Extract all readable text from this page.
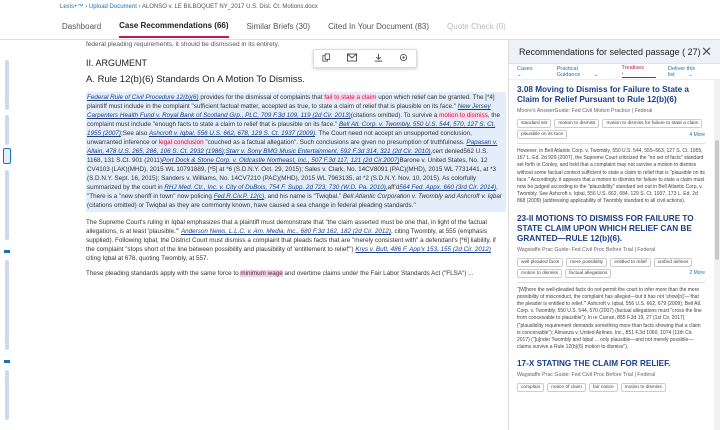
Lexis+™ › Upload Document › ALONSO v. LE BILBOQUET NY_2017 U.S. Dist. Ct. Motions.docx
Dashboard Case Recommendations (66) Similar Briefs (30) Cited In Your Document (83) Quote Check (0)
federal pleading requirements, it should be dismissed in its entirety.
II. ARGUMENT
A. Rule 12(b)(6) Standards On A Motion To Dismiss.
Federal Rule of Civil Procedure 12(b)(6) provides for the dismissal of complaints that fail to state a claim upon which relief can be granted. The [*4] plaintiff must include in the complaint "sufficient factual matter, accepted as true, to state a claim of relief that is plausible on its face." New Jersey Carpenters Health Fund v. Royal Bank of Scotland Grp., PLC, 709 F.3d 109, 119 (2d Cir. 2013)(citations omitted). To survive a motion to dismiss, the complaint must include "enough facts to state a claim to relief that is plausible on its face." Bell Atl. Corp. v. Twombly, 550 U.S. 544, 570, 127 S. Ct. 1955 (2007);See also Ashcroft v. Iqbal, 556 U.S. 662, 678, 129 S. Ct. 1937 (2009). The Court need not accept an unsupported conclusion, unwarranted inference or legal conclusion "couched as a factual allegation". Such conclusions are given no presumption of truthfulness. Papasan v. Allain, 478 U.S. 265, 286, 106 S. Ct. 2932 (1986);Starr v. Sony BMG Music Entertainment, 592 F.3d 314, 321 (2d Cir. 2010),cert denied562 U.S. 1168, 131 S.Ct. 901 (2011)Port Dock & Stone Corp. v. Oldcastle Northeast, Inc., 507 F.3d 117, 121 (2d Cir.2007)Barone v. United States, No. 12 CV4103 (LAK)(MHD), 2015 WL 10791889, [*5] at *6 (S.D.N.Y. Oct. 29, 2015); Sales v. Clark, No. 14CV8091 (PAC)(MHD), 2015 WL 7731441, at *3 (S.D.N.Y. Sept. 16, 2015); Sanders v. Williams, No. 14CV7210 (PAC)(MHD), 2015 WL 7963135, at *2 (S.D.N.Y. Nov. 10, 2015). As colorfully summarized by the court in RHJ Med. Ctr., Inc. v. City of DuBois, 754 F. Supp. 2d 723, 730 (W.D. Pa. 2010),aff'd564 Fed. Appx. 660 (3rd Cir. 2014), "There is a "new sheriff in town" now policing Fed.R.Civ.P. 12(c), and his name is "Twiqbal." Bell Atlantic Corporation v. Twombly and Ashcroft v. Iqbal (citations omitted) or Twiqbal as they are commonly known, have caused a sea change in federal pleading standards."
The Supreme Court's ruling in Iqbal emphasizes that a plaintiff must demonstrate that "the claim asserted must be one that, in light of the factual allegations, is at least 'plausible.'" Anderson News, L.L.C. v. Am. Media, Inc., 680 F.3d 162, 182 (2d Cir. 2012), citing Twombly, at 555 (emphasis supplied). Following Iqbal, the District Court must dismiss a complaint that pleads facts that are "merely consistent with" a defendant's [*6] liability, if the complaint "stops short of the line between possibility and plausibility of 'entitlement to relief'") Krys v. Butt, 486 F. App'x 153, 155 (2d Cir. 2012) citing Iqbal at 678, quoting Twombly, at 557.
These pleading standards apply with the same force to minimum wage and overtime claims under the Fair Labor Standards Act ("FLSA") ...
Recommendations for selected passage ( 27) ✕
Cases ⌄
Practical Guidance ⌄
Treatises ›
Deliver this list ⌄
3.08 Moving to Dismiss for Failure to State a Claim for Relief Pursuant to Rule 12(b)(6)
Moore's AnswerGuide: Fed Civil Motion Practice | Federal
standard set	motion to dismiss	motion to dismiss for failure to state a claim
plausible on its face	4 More
However, in Bell Atlantic Corp. v. Twombly, 550 U.S. 544, 555–563, 127 S. Ct. 1955, 167 L. Ed. 2d 929 (2007), the Supreme Court criticized the "no set of facts" standard set forth in Conley, and held that a complaint may not survive a motion to dismiss without some factual context sufficient to state a claim to relief that is "plausible on its face." Accordingly, it appears that a motion to dismiss for failure to state a claim must now be judged according to the "plausibility" standard set out in Bell Atlantic Corp. v. Twombly. See Ashcroft v. Iqbal, 556 U.S. 662, 684, 129 S. Ct. 1937, 173 L. Ed. 2d 868 (2009) (addressing applicability of Twombly standard to all civil actions).
23-II MOTIONS TO DISMISS FOR FAILURE TO STATE CLAIM UPON WHICH RELIEF CAN BE GRANTED—RULE 12(b)(6).
Wagstaffe Prac Guide: Fed Civil Proc Before Trial | Federal
well pleaded facts	mere possibility	entitled to relief	unified airlines
motion to dismiss	factual allegations	2 More
"[W]here the well-pleaded facts do not permit the court to infer more than the mere possibility of misconduct, the complaint has alleged—but it has not 'show[n]'—'that the pleader is entitled to relief.'" Ashcroft v. Iqbal, 556 U.S. 662, 679 (2009); Bell Atl. Corp. v. Twombly, 550 U.S. 544, 570 (2007) (factual allegations must "cross the line from conceivable to plausible"); In re Curran, 855 F.3d 19, 27 (1st Cir. 2017) ("plausibility requirement demands something more than facts showing that a claim is conceivable"); Almanza v. United Airlines, Inc., 851 F.3d 1060, 1074 (11th Cir. 2017) ("[u]nder Twombly and Iqbal ... only plausible—and not merely possible—claims survive a Rule 12(b)(6) motion to dismiss").
17-X STATING THE CLAIM FOR RELIEF.
Wagstaffe Prac Guide: Fed Civil Proc Before Trial | Federal
complain	notice of claim	fair notice	motion to dismiss
